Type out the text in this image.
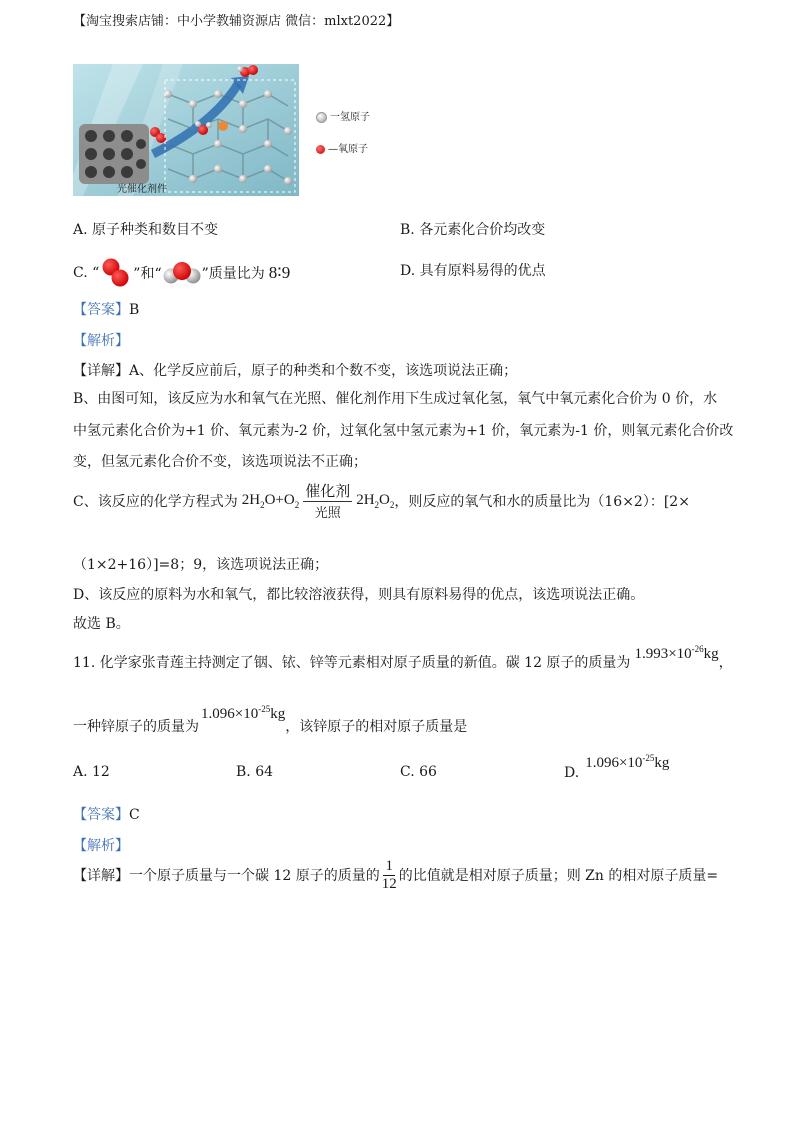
【淘宝搜索店铺：中小学教辅资源店 微信：mlxt2022】
光催化剂件
一氢原子
—氧原子
A. 原子种类和数目不变	B. 各元素化合价均改变
C. “ ”和“	”质量比为 8∶9	D. 具有原料易得的优点
【答案】B
【解析】
【详解】A、化学反应前后，原子的种类和个数不变，该选项说法正确；
B、由图可知，该反应为水和氧气在光照、催化剂作用下生成过氧化氢，氧气中氧元素化合价为 0 价，水
中氢元素化合价为+1 价、氧元素为-2 价，过氧化氢中氢元素为+1 价，氧元素为-1 价，则氧元素化合价改
变，但氢元素化合价不变，该选项说法不正确；
C、该反应的化学方程式为 $2H_2O+O_2$
催化剂
光照
$2H_2O_2$ ，则反应的氧气和水的质量比为（16×2）：[2×
（1×2+16）]=8；9，该选项说法正确；
D、该反应的原料为水和氧气，都比较溶液获得，则具有原料易得的优点，该选项说法正确。
故选 B。
11. 化学家张青莲主持测定了铟、铱、锌等元素相对原子质量的新值。碳 12 原子的质量为
$1.993\times 10^{-26}kg$
，
一种锌原子的质量为
$1.096\times 10^{-25}kg$
，该锌原子的相对原子质量是
A. 12	B. 64	C. 66	D.
$1.096\times 10^{-25}kg$
【答案】C
【解析】
【详解】 一个原子质量与一个碳 12 原子的质量的 $\frac{1}{12}$ 的比值就是相对原子质量；则 Zn 的相对原子质量=
